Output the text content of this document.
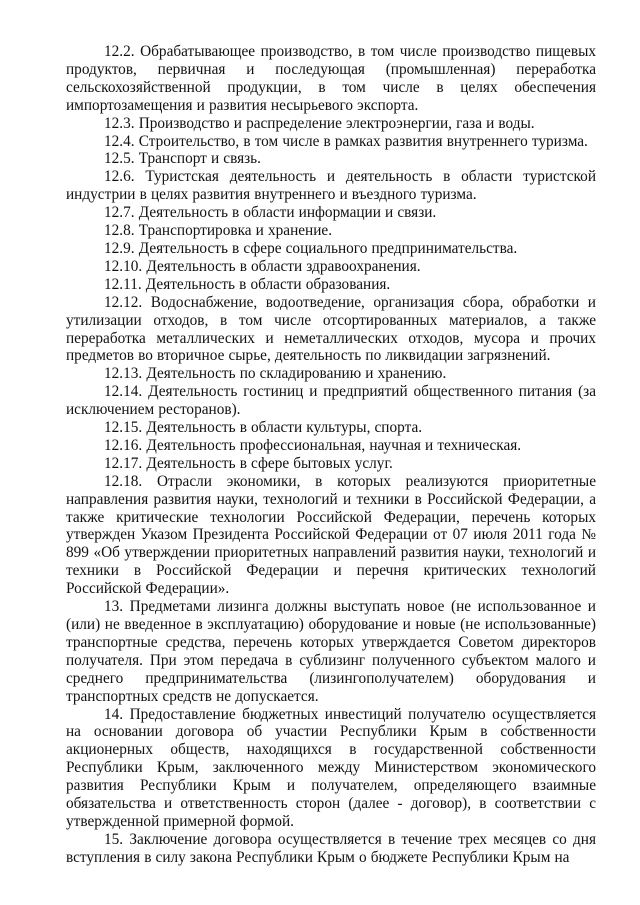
12.2. Обрабатывающее производство, в том числе производство пищевых продуктов, первичная и последующая (промышленная) переработка сельскохозяйственной продукции, в том числе в целях обеспечения импортозамещения и развития несырьевого экспорта.

12.3. Производство и распределение электроэнергии, газа и воды.

12.4. Строительство, в том числе в рамках развития внутреннего туризма.

12.5. Транспорт и связь.

12.6. Туристская деятельность и деятельность в области туристской индустрии в целях развития внутреннего и въездного туризма.

12.7. Деятельность в области информации и связи.

12.8. Транспортировка и хранение.

12.9. Деятельность в сфере социального предпринимательства.

12.10. Деятельность в области здравоохранения.

12.11. Деятельность в области образования.

12.12. Водоснабжение, водоотведение, организация сбора, обработки и утилизации отходов, в том числе отсортированных материалов, а также переработка металлических и неметаллических отходов, мусора и прочих предметов во вторичное сырье, деятельность по ликвидации загрязнений.

12.13. Деятельность по складированию и хранению.

12.14. Деятельность гостиниц и предприятий общественного питания (за исключением ресторанов).

12.15. Деятельность в области культуры, спорта.

12.16. Деятельность профессиональная, научная и техническая.

12.17. Деятельность в сфере бытовых услуг.

12.18. Отрасли экономики, в которых реализуются приоритетные направления развития науки, технологий и техники в Российской Федерации, а также критические технологии Российской Федерации, перечень которых утвержден Указом Президента Российской Федерации от 07 июля 2011 года № 899 «Об утверждении приоритетных направлений развития науки, технологий и техники в Российской Федерации и перечня критических технологий Российской Федерации».

13. Предметами лизинга должны выступать новое (не использованное и (или) не введенное в эксплуатацию) оборудование и новые (не использованные) транспортные средства, перечень которых утверждается Советом директоров получателя. При этом передача в сублизинг полученного субъектом малого и среднего предпринимательства (лизингополучателем) оборудования и транспортных средств не допускается.

14. Предоставление бюджетных инвестиций получателю осуществляется на основании договора об участии Республики Крым в собственности акционерных обществ, находящихся в государственной собственности Республики Крым, заключенного между Министерством экономического развития Республики Крым и получателем, определяющего взаимные обязательства и ответственность сторон (далее - договор), в соответствии с утвержденной примерной формой.

15. Заключение договора осуществляется в течение трех месяцев со дня вступления в силу закона Республики Крым о бюджете Республики Крым на
